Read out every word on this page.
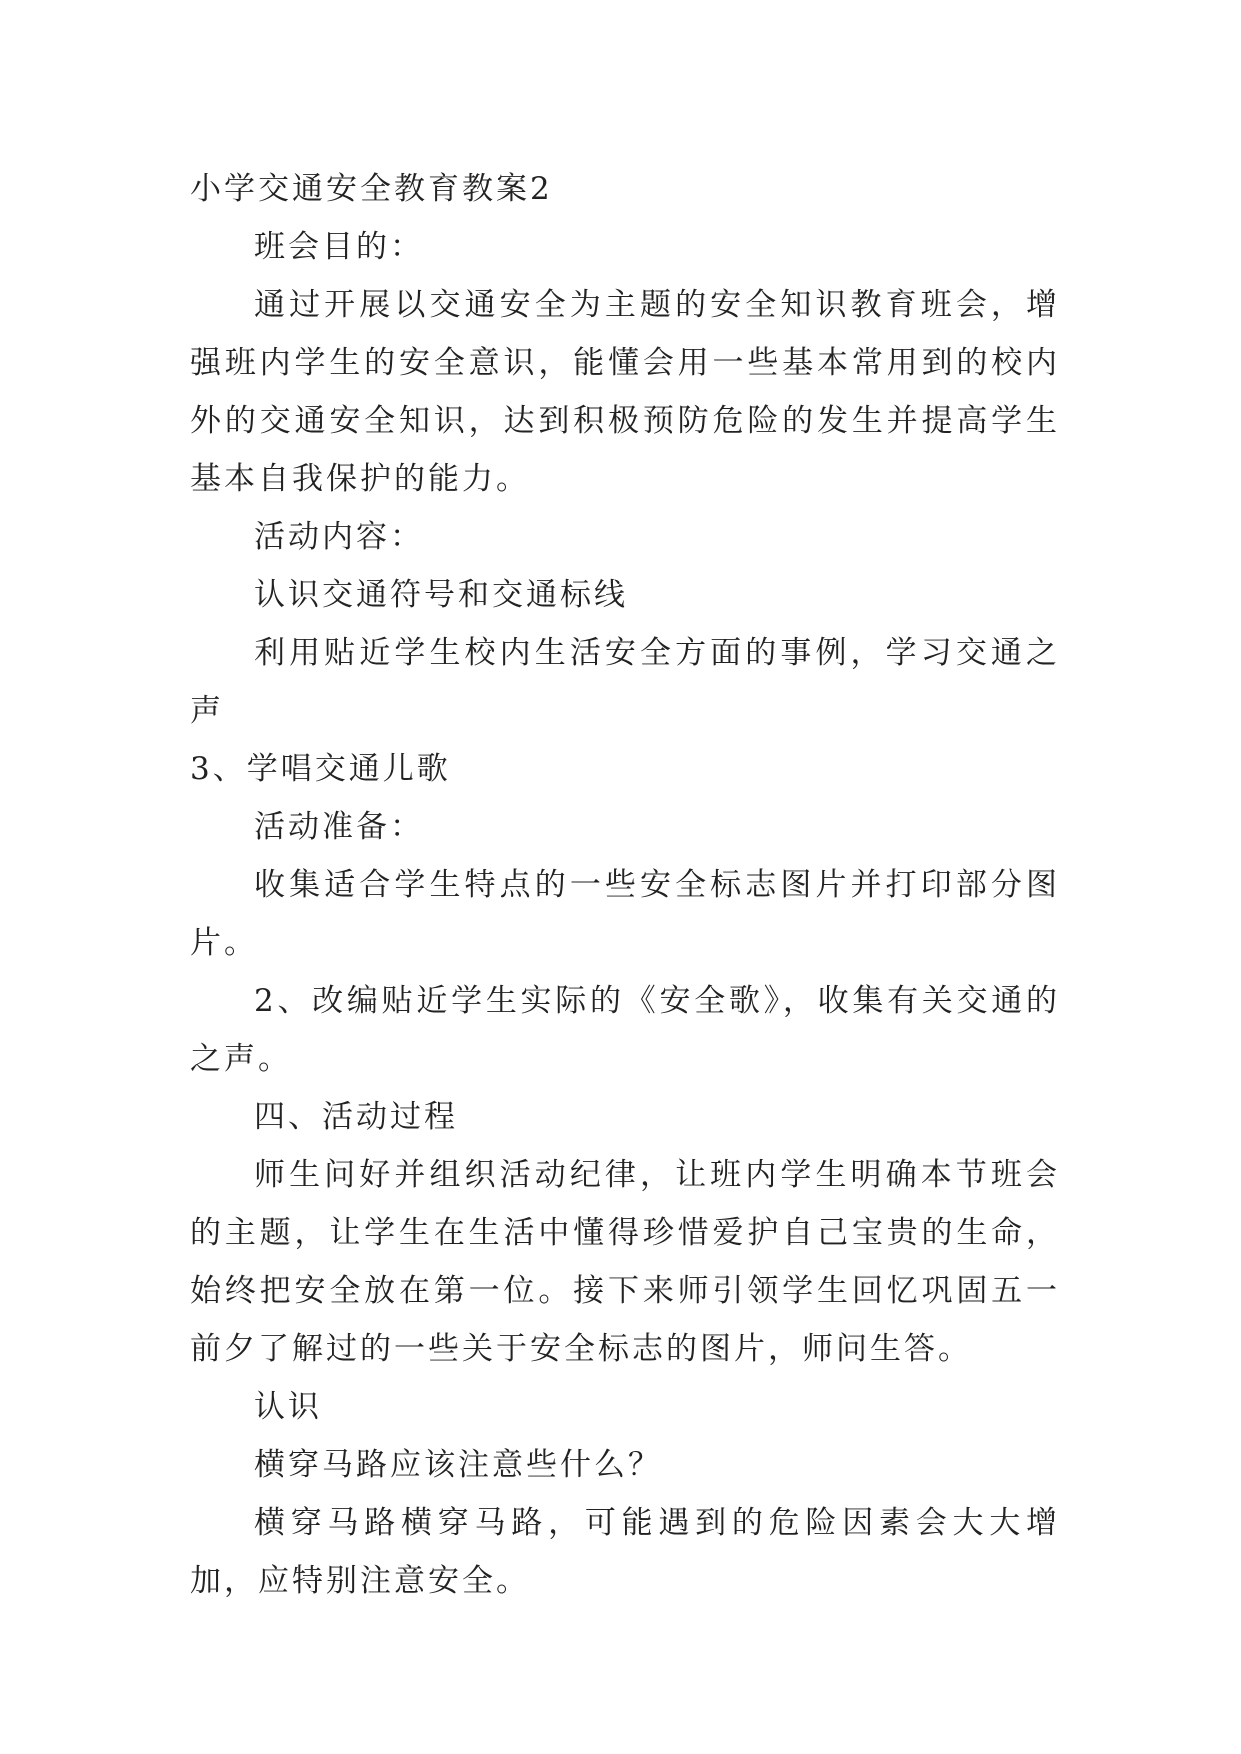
小学交通安全教育教案2

班会目的：

通过开展以交通安全为主题的安全知识教育班会，增强班内学生的安全意识，能懂会用一些基本常用到的校内外的交通安全知识，达到积极预防危险的发生并提高学生基本自我保护的能力。

活动内容：

认识交通符号和交通标线

利用贴近学生校内生活安全方面的事例，学习交通之声

3、学唱交通儿歌

活动准备：

收集适合学生特点的一些安全标志图片并打印部分图片。

2、改编贴近学生实际的《安全歌》，收集有关交通的之声。

四、活动过程

师生问好并组织活动纪律，让班内学生明确本节班会的主题，让学生在生活中懂得珍惜爱护自己宝贵的生命，始终把安全放在第一位。接下来师引领学生回忆巩固五一前夕了解过的一些关于安全标志的图片，师问生答。

认识

横穿马路应该注意些什么？

横穿马路横穿马路，可能遇到的危险因素会大大增加，应特别注意安全。
